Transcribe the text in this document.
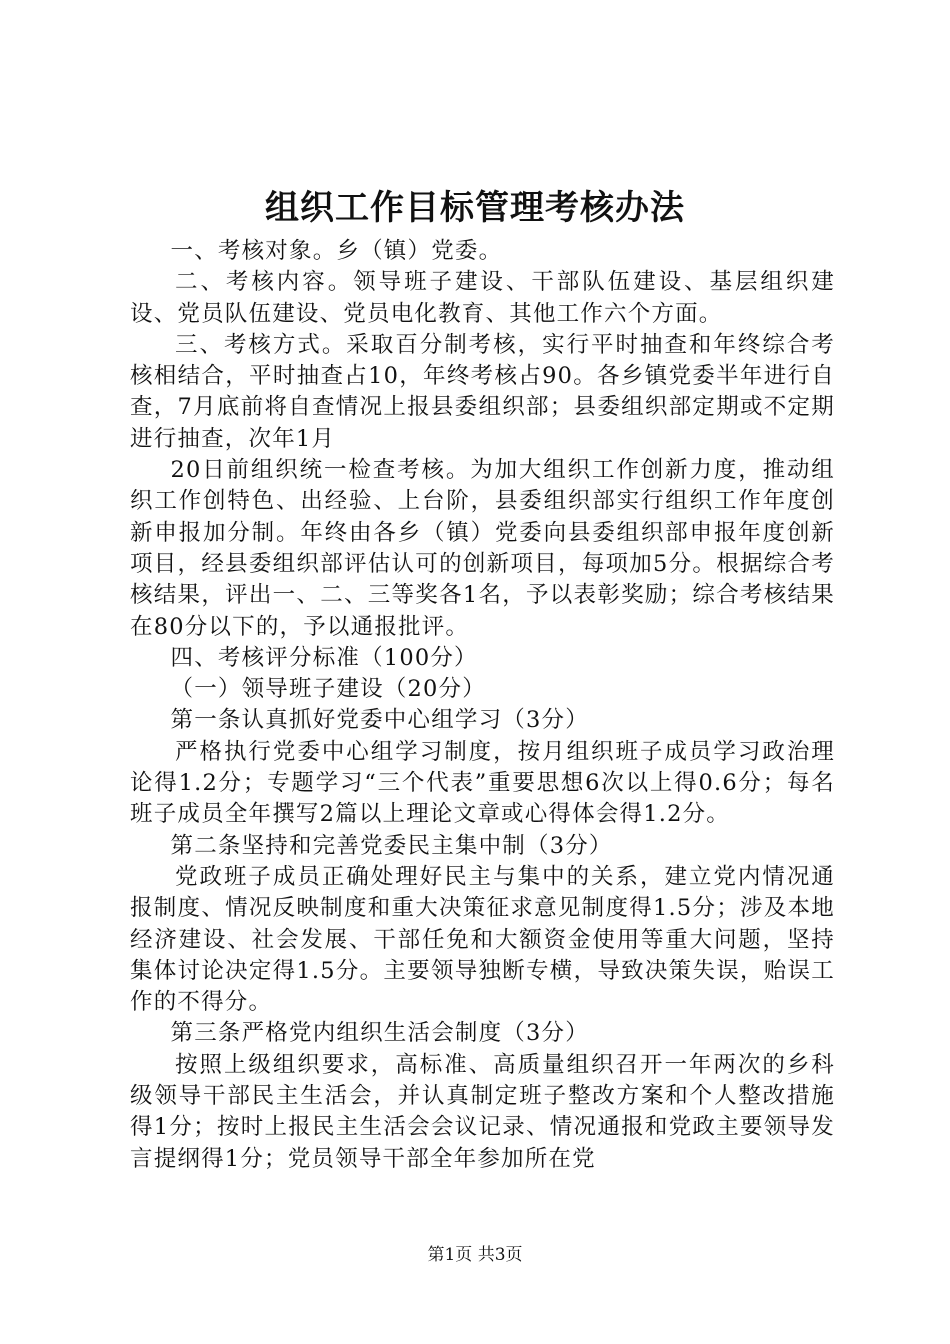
组织工作目标管理考核办法

一、考核对象。乡（镇）党委。

二、考核内容。领导班子建设、干部队伍建设、基层组织建设、党员队伍建设、党员电化教育、其他工作六个方面。

三、考核方式。采取百分制考核，实行平时抽查和年终综合考核相结合，平时抽查占10，年终考核占90。各乡镇党委半年进行自查，7月底前将自查情况上报县委组织部；县委组织部定期或不定期进行抽查，次年1月

20日前组织统一检查考核。为加大组织工作创新力度，推动组织工作创特色、出经验、上台阶，县委组织部实行组织工作年度创新申报加分制。年终由各乡（镇）党委向县委组织部申报年度创新项目，经县委组织部评估认可的创新项目，每项加5分。根据综合考核结果，评出一、二、三等奖各1名，予以表彰奖励；综合考核结果在80分以下的，予以通报批评。

四、考核评分标准（100分）

（一）领导班子建设（20分）

第一条认真抓好党委中心组学习（3分）

严格执行党委中心组学习制度，按月组织班子成员学习政治理论得1.2分；专题学习“三个代表”重要思想6次以上得0.6分；每名班子成员全年撰写2篇以上理论文章或心得体会得1.2分。

第二条坚持和完善党委民主集中制（3分）

党政班子成员正确处理好民主与集中的关系，建立党内情况通报制度、情况反映制度和重大决策征求意见制度得1.5分；涉及本地经济建设、社会发展、干部任免和大额资金使用等重大问题，坚持集体讨论决定得1.5分。主要领导独断专横，导致决策失误，贻误工作的不得分。

第三条严格党内组织生活会制度（3分）

按照上级组织要求，高标准、高质量组织召开一年两次的乡科级领导干部民主生活会，并认真制定班子整改方案和个人整改措施得1分；按时上报民主生活会会议记录、情况通报和党政主要领导发言提纲得1分；党员领导干部全年参加所在党

第1页 共3页
